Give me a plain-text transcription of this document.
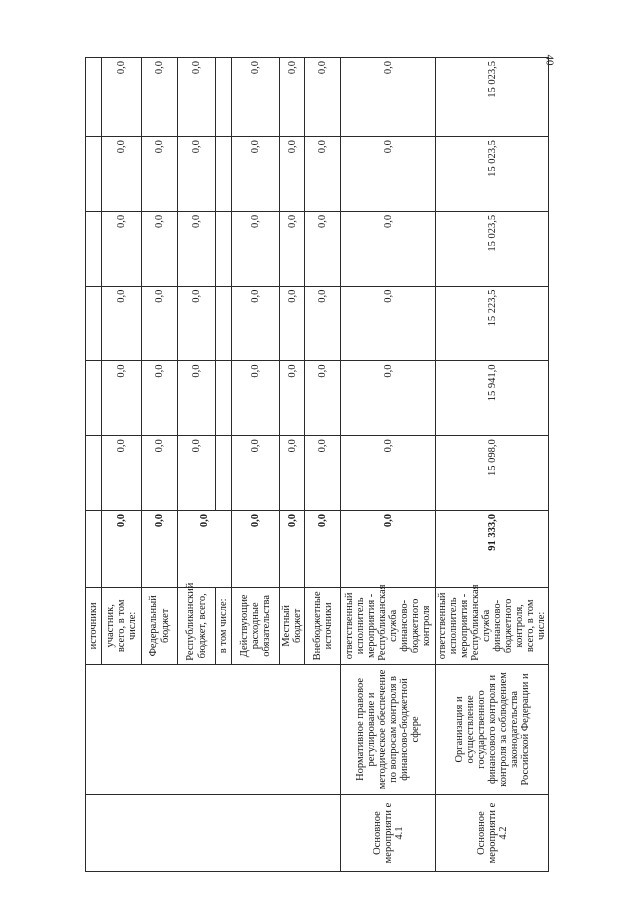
40
		источники							
		участник, всего, в том числе:	0,0	0,0	0,0	0,0	0,0	0,0	0,0
		Федеральный бюджет	0,0	0,0	0,0	0,0	0,0	0,0	0,0
		Республиканский бюджет, всего,	0,0	0,0	0,0	0,0	0,0	0,0	0,0
		в том числе:							
		Действующие расходные обязательства	0,0	0,0	0,0	0,0	0,0	0,0	0,0
		Местный бюджет	0,0	0,0	0,0	0,0	0,0	0,0	0,0
		Внебюджетные источники	0,0	0,0	0,0	0,0	0,0	0,0	0,0
Основное мероприяти е 4.1	Нормативное правовое регулирование и методическое обеспечение по вопросам контроля в финансово-бюджетной сфере	ответственный исполнитель мероприятия - Республиканская служба финансово-бюджетного контроля	0,0	0,0	0,0	0,0	0,0	0,0	0,0
Основное мероприяти е 4.2	Организация и осуществление государственного финансового контроля и контроля за соблюдением законодательства Российской Федерации и	ответственный исполнитель мероприятия - Республиканская служба финансово-бюджетного контроля, всего, в том числе:	91 333,0	15 098,0	15 941,0	15 223,5	15 023,5	15 023,5	15 023,5
